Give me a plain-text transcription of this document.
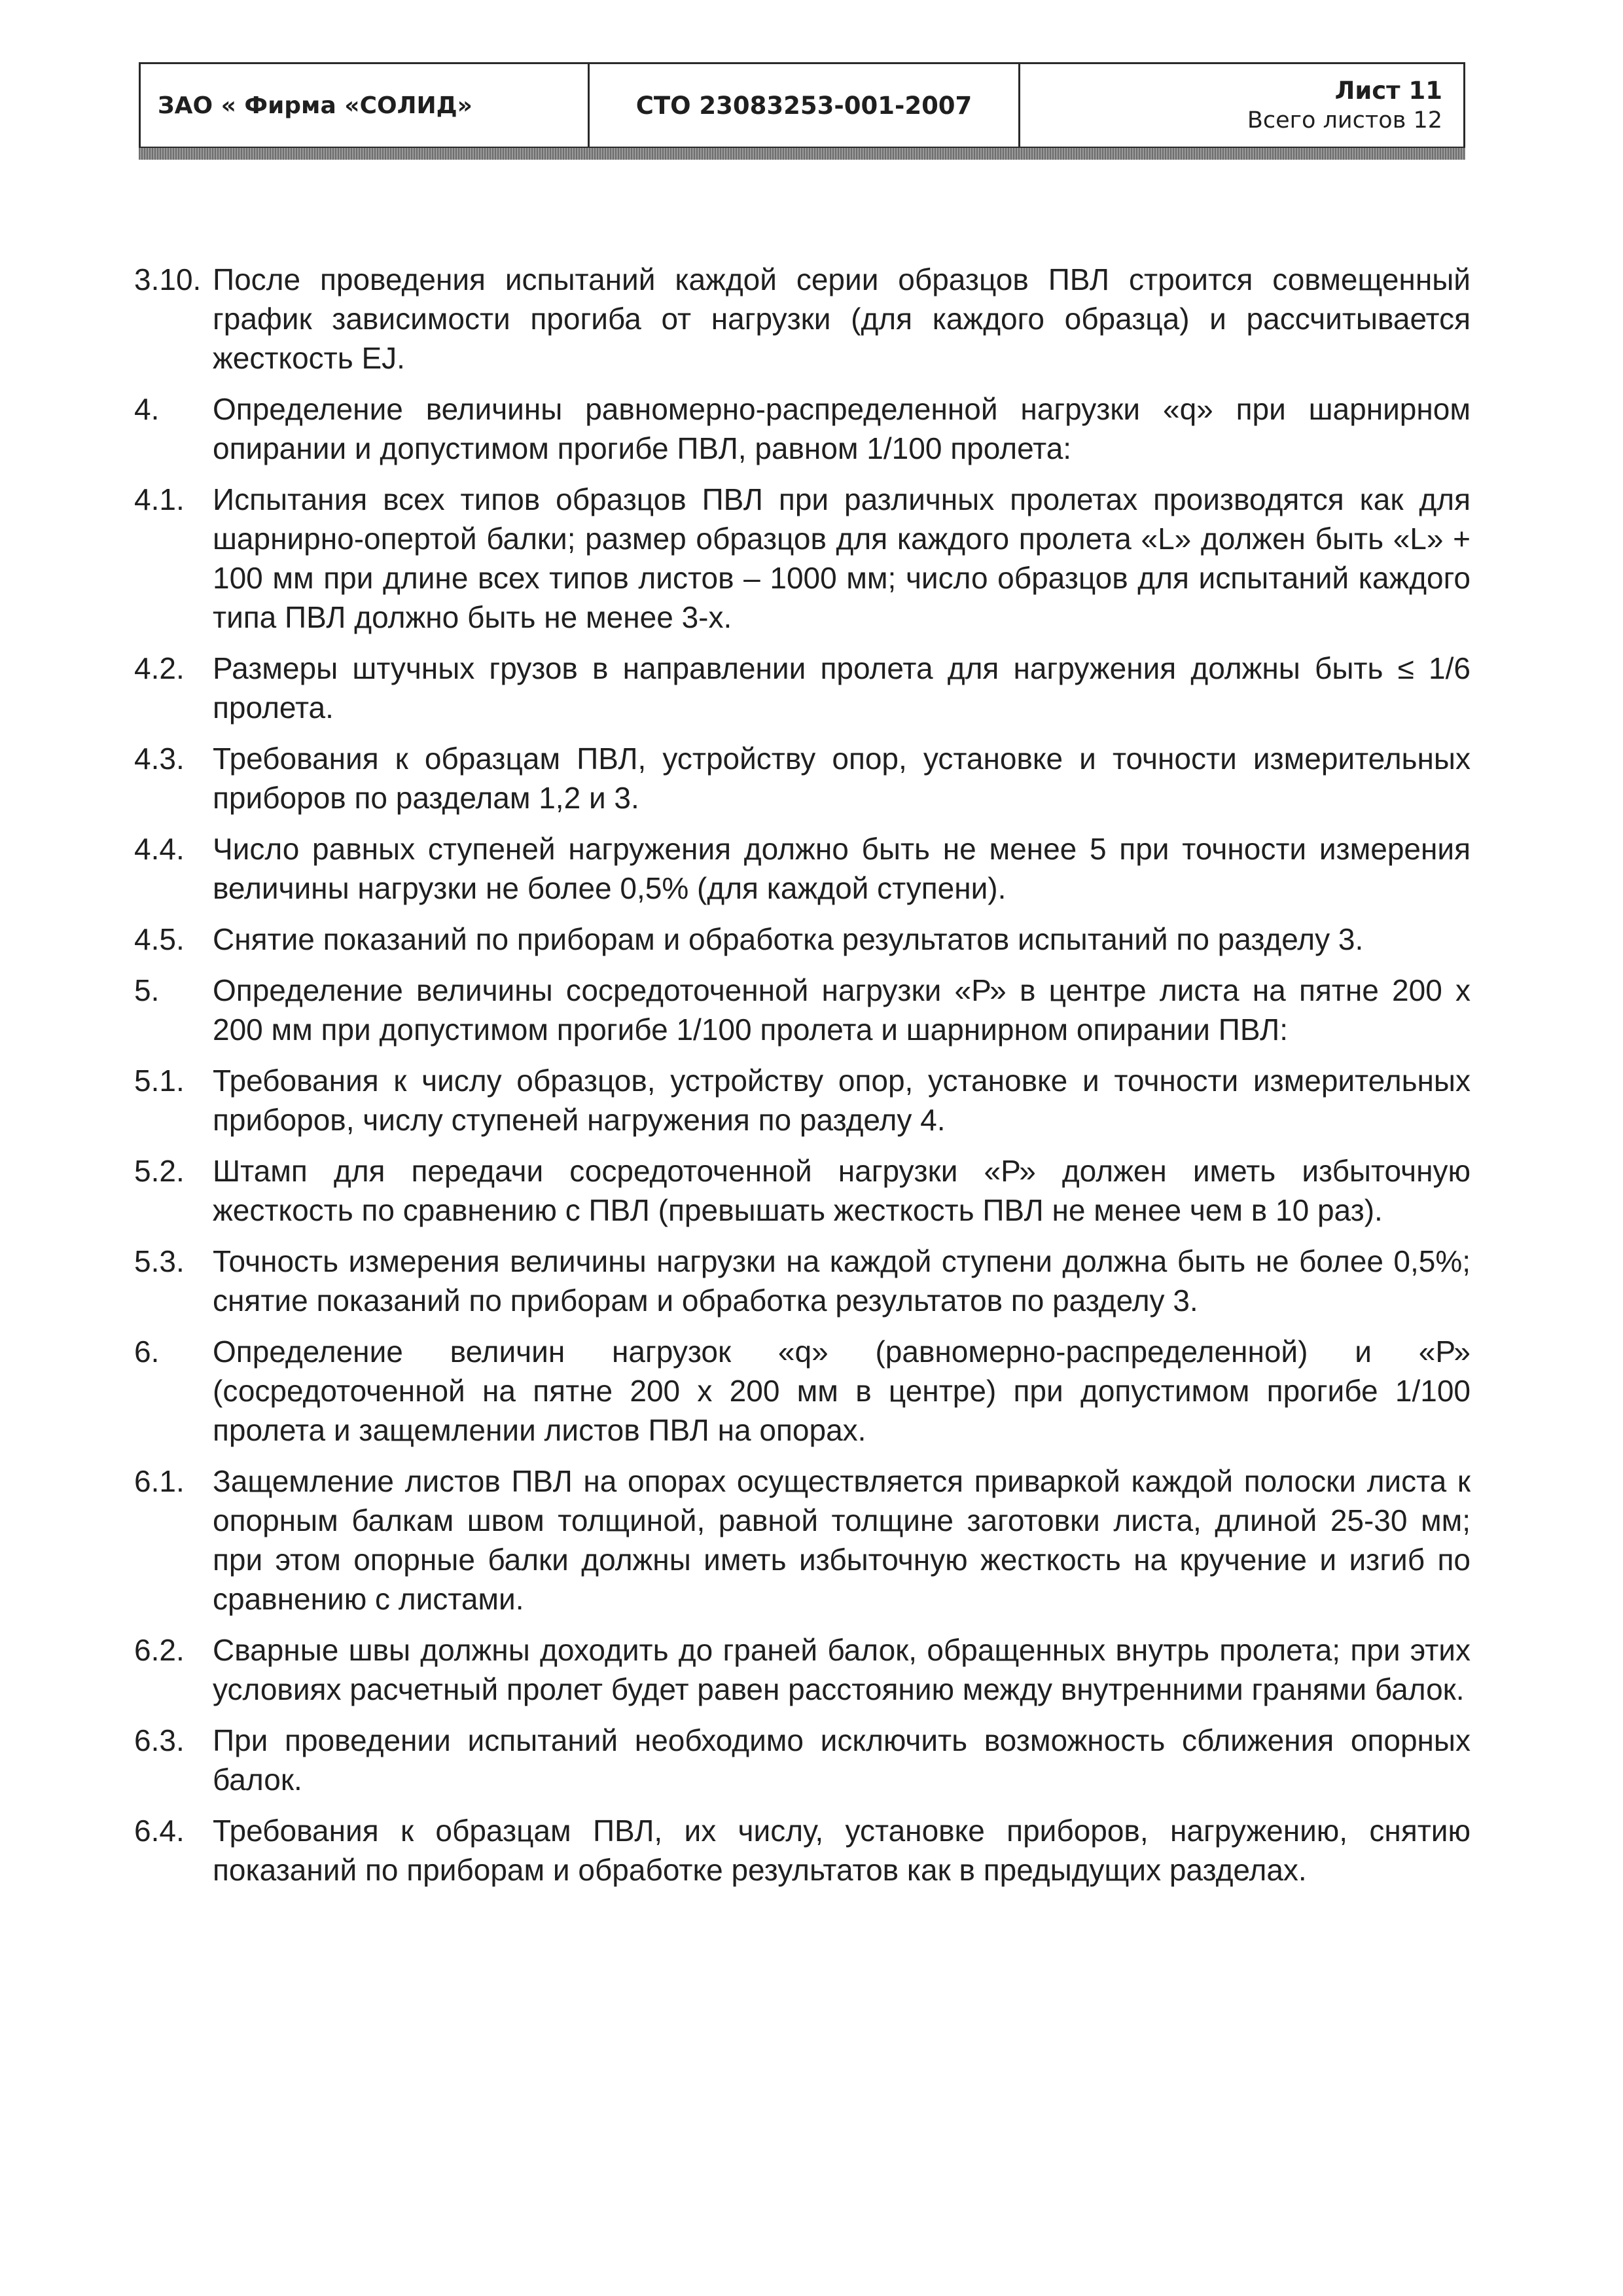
ЗАО « Фирма «СОЛИД»	СТО 23083253-001-2007
Лист 11
Всего листов 12
3.10. После проведения испытаний каждой серии образцов ПВЛ строится совмещенный график зависимости прогиба от нагрузки (для каждого образца) и рассчитывается жесткость EJ.
4.	Определение величины равномерно-распределенной нагрузки «q» при шарнирном опирании и допустимом прогибе ПВЛ, равном 1/100 пролета:
4.1. Испытания всех типов образцов ПВЛ при различных пролетах производятся как для шарнирно-опертой балки; размер образцов для каждого пролета «L» должен быть «L» + 100 мм при длине всех типов листов – 1000 мм; число образцов для испытаний каждого типа ПВЛ должно быть не менее 3-х.
4.2. Размеры штучных грузов в направлении пролета для нагружения должны быть ≤ 1/6 пролета.
4.3. Требования к образцам ПВЛ, устройству опор, установке и точности измерительных приборов по разделам 1,2 и 3.
4.4. Число равных ступеней нагружения должно быть не менее 5 при точности измерения величины нагрузки не более 0,5% (для каждой ступени).
4.5. Снятие показаний по приборам и обработка результатов испытаний по разделу 3.
5.	Определение величины сосредоточенной нагрузки «Р» в центре листа на пятне 200 х 200 мм при допустимом прогибе 1/100 пролета и шарнирном опирании ПВЛ:
5.1. Требования к числу образцов, устройству опор, установке и точности измерительных приборов, числу ступеней нагружения по разделу 4.
5.2. Штамп для передачи сосредоточенной нагрузки «Р» должен иметь избыточную жесткость по сравнению с ПВЛ (превышать жесткость ПВЛ не менее чем в 10 раз).
5.3. Точность измерения величины нагрузки на каждой ступени должна быть не более 0,5%; снятие показаний по приборам и обработка результатов по разделу 3.
6.	Определение величин нагрузок «q» (равномерно-распределенной) и «Р» (сосредоточенной на пятне 200 х 200 мм в центре) при допустимом прогибе 1/100 пролета и защемлении листов ПВЛ на опорах.
6.1. Защемление листов ПВЛ на опорах осуществляется приваркой каждой полоски листа к опорным балкам швом толщиной, равной толщине заготовки листа, длиной 25-30 мм; при этом опорные балки должны иметь избыточную жесткость на кручение и изгиб по сравнению с листами.
6.2. Сварные швы должны доходить до граней балок, обращенных внутрь пролета; при этих условиях расчетный пролет будет равен расстоянию между внутренними гранями балок.
6.3. При проведении испытаний необходимо исключить возможность сближения опорных балок.
6.4. Требования к образцам ПВЛ, их числу, установке приборов, нагружению, снятию показаний по приборам и обработке результатов как в предыдущих разделах.
